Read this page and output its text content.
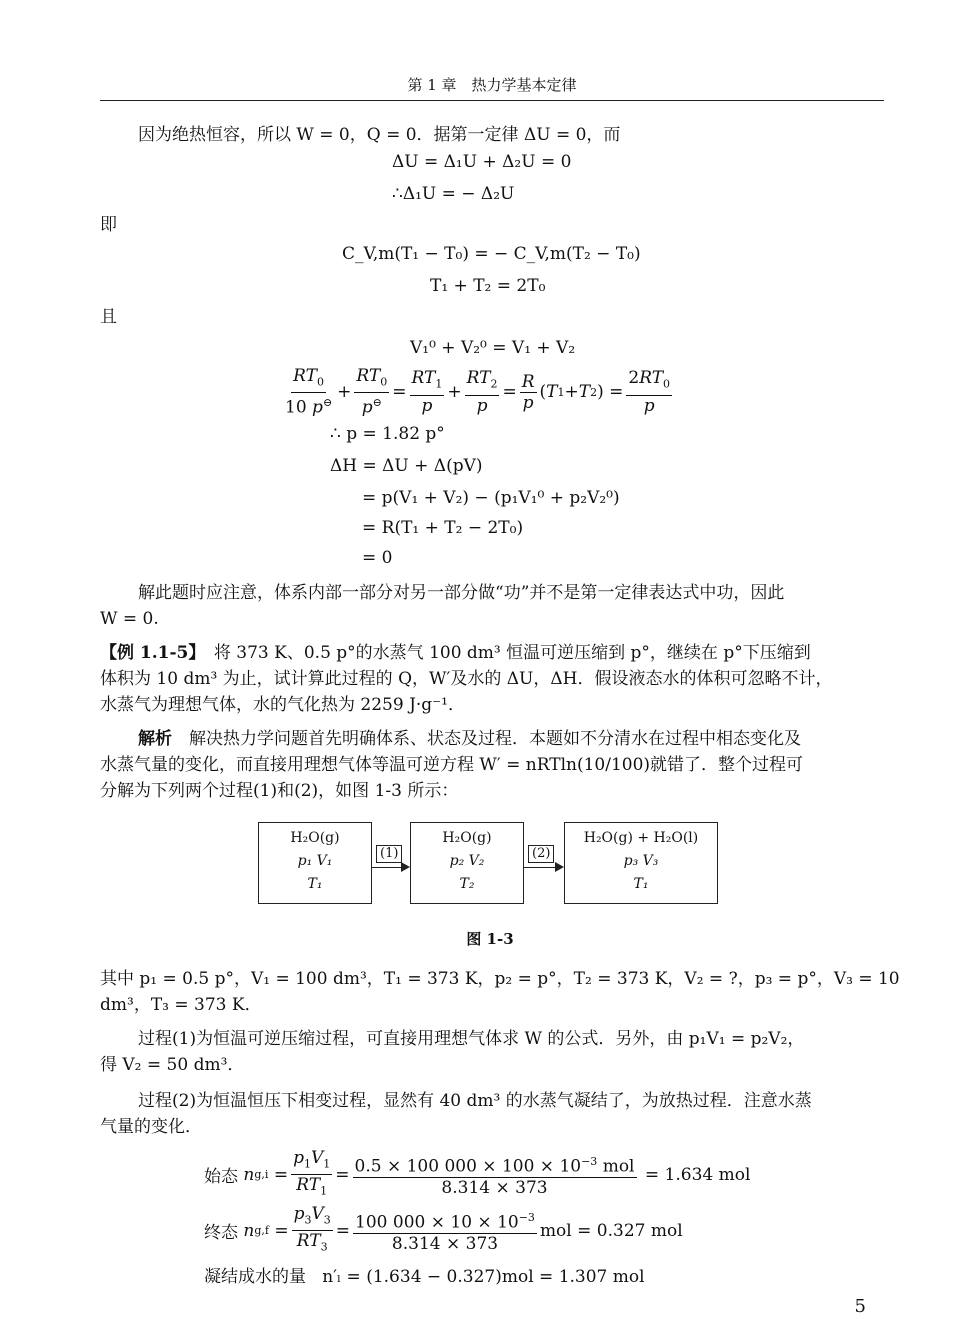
第 1 章　热力学基本定律
因为绝热恒容，所以 W = 0，Q = 0．据第一定律 ΔU = 0，而
ΔU = Δ₁U + Δ₂U = 0
∴Δ₁U = − Δ₂U
即
C_V,m(T₁ − T₀) = − C_V,m(T₂ − T₀)
T₁ + T₂ = 2T₀
且
V₁⁰ + V₂⁰ = V₁ + V₂
$\frac{RT_0}{10 p^⊖} + \frac{RT_0}{p^⊖} = \frac{RT_1}{p} + \frac{RT_2}{p} = \frac{R}{p}$ ( T 1 + T 2 ) = $\frac{2RT_0}{p}$
∴ p = 1.82 p°
ΔH = ΔU + Δ(pV)
= p(V₁ + V₂) − (p₁V₁⁰ + p₂V₂⁰)
= R(T₁ + T₂ − 2T₀)
= 0
解此题时应注意，体系内部一部分对另一部分做“功”并不是第一定律表达式中功，因此
W = 0.
【例 1.1-5】　将 373 K、0.5 p°的水蒸气 100 dm³ 恒温可逆压缩到 p°，继续在 p°下压缩到
体积为 10 dm³ 为止，试计算此过程的 Q，W′及水的 ΔU，ΔH．假设液态水的体积可忽略不计，
水蒸气为理想气体，水的气化热为 2259 J·g⁻¹．
解析　解决热力学问题首先明确体系、状态及过程．本题如不分清水在过程中相态变化及
水蒸气量的变化，而直接用理想气体等温可逆方程 W′ = nRTln(10/100)就错了．整个过程可
分解为下列两个过程(1)和(2)，如图 1-3 所示：
H₂O(g)
p₁ V₁
T₁
(1)
H₂O(g)
p₂ V₂
T₂
(2)
H₂O(g) + H₂O(l)
p₃ V₃
T₁
图 1-3
其中 p₁ = 0.5 p°，V₁ = 100 dm³，T₁ = 373 K，p₂ = p°，T₂ = 373 K，V₂ = ?，p₃ = p°，V₃ = 10
dm³，T₃ = 373 K．
过程(1)为恒温可逆压缩过程，可直接用理想气体求 W 的公式．另外，由 p₁V₁ = p₂V₂，
得 V₂ = 50 dm³．
过程(2)为恒温恒压下相变过程，显然有 40 dm³ 的水蒸气凝结了，为放热过程．注意水蒸
气量的变化．
始态
n $g,i = \frac{p_1V_1}{RT_1} = \frac{0.5 \times 100 000 \times 100 \times 10^{-3} mol}{8.314 \times 373} = 1.634$ mol
终态
n $g,f = \frac{p_3V_3}{RT_3} = \frac{100 000 \times 10 \times 10^{-3}}{8.314 \times 373}$ mol = 0.327 mol
凝结成水的量 n′ₗ = (1.634 − 0.327)mol = 1.307 mol
5
